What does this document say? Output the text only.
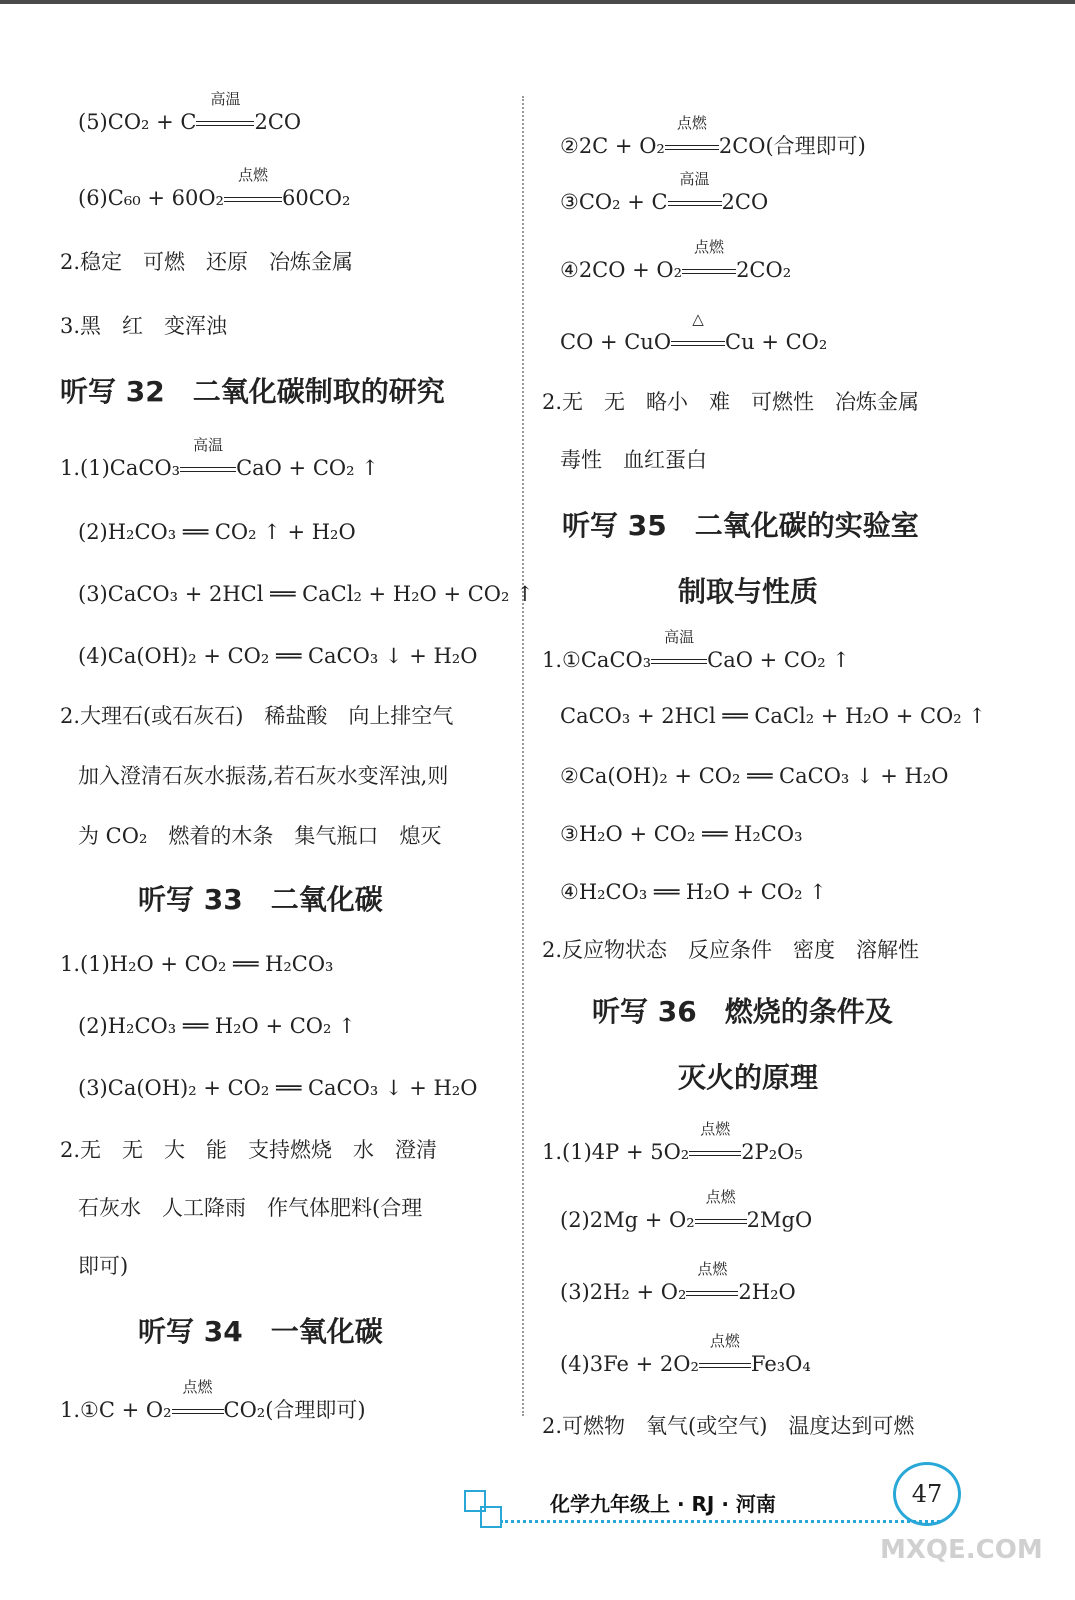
(5)CO₂ + C
高温
2CO
(6)C₆₀ + 60O₂
点燃
60CO₂
2.稳定　可燃　还原　冶炼金属
3.黑　红　变浑浊
听写 32　二氧化碳制取的研究
1.(1)CaCO₃
高温
CaO + CO₂ ↑
(2)H₂CO₃ ══ CO₂ ↑ + H₂O
(3)CaCO₃ + 2HCl ══ CaCl₂ + H₂O + CO₂ ↑
(4)Ca(OH)₂ + CO₂ ══ CaCO₃ ↓ + H₂O
2.大理石(或石灰石)　稀盐酸　向上排空气
加入澄清石灰水振荡,若石灰水变浑浊,则
为 CO₂　燃着的木条　集气瓶口　熄灭
听写 33　二氧化碳
1.(1)H₂O + CO₂ ══ H₂CO₃
(2)H₂CO₃ ══ H₂O + CO₂ ↑
(3)Ca(OH)₂ + CO₂ ══ CaCO₃ ↓ + H₂O
2.无　无　大　能　支持燃烧　水　澄清
石灰水　人工降雨　作气体肥料(合理
即可)
听写 34　一氧化碳
1.①C + O₂
点燃
CO₂(合理即可)
②2C + O₂
点燃
2CO(合理即可)
③CO₂ + C
高温
2CO
④2CO + O₂
点燃
2CO₂
CO + CuO
△
Cu + CO₂
2.无　无　略小　难　可燃性　冶炼金属
毒性　血红蛋白
听写 35　二氧化碳的实验室
制取与性质
1.①CaCO₃
高温
CaO + CO₂ ↑
CaCO₃ + 2HCl ══ CaCl₂ + H₂O + CO₂ ↑
②Ca(OH)₂ + CO₂ ══ CaCO₃ ↓ + H₂O
③H₂O + CO₂ ══ H₂CO₃
④H₂CO₃ ══ H₂O + CO₂ ↑
2.反应物状态　反应条件　密度　溶解性
听写 36　燃烧的条件及
灭火的原理
1.(1)4P + 5O₂
点燃
2P₂O₅
(2)2Mg + O₂
点燃
2MgO
(3)2H₂ + O₂
点燃
2H₂O
(4)3Fe + 2O₂
点燃
Fe₃O₄
2.可燃物　氧气(或空气)　温度达到可燃
化学九年级上 · RJ · 河南	47
MXQE.COM
